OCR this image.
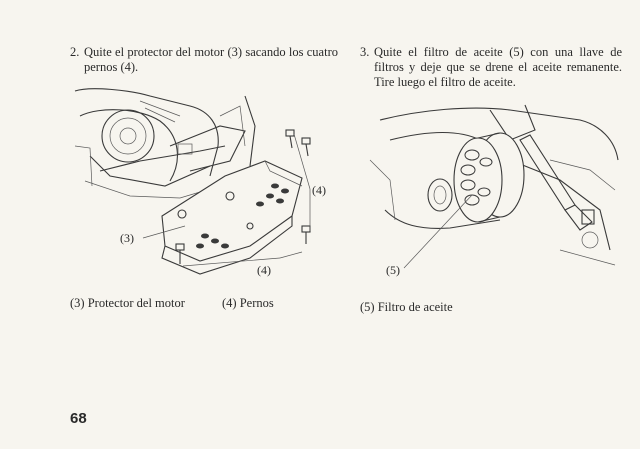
2. Quite el protector del motor (3) sacando los cuatro pernos (4).
3. Quite el filtro de aceite (5) con una llave de filtros y deje que se drene el aceite remanente. Tire luego el filtro de aceite.
(3)
(4)
(4)	(5)
(3) Protector del motor	(4) Pernos	(5) Filtro de aceite
68
